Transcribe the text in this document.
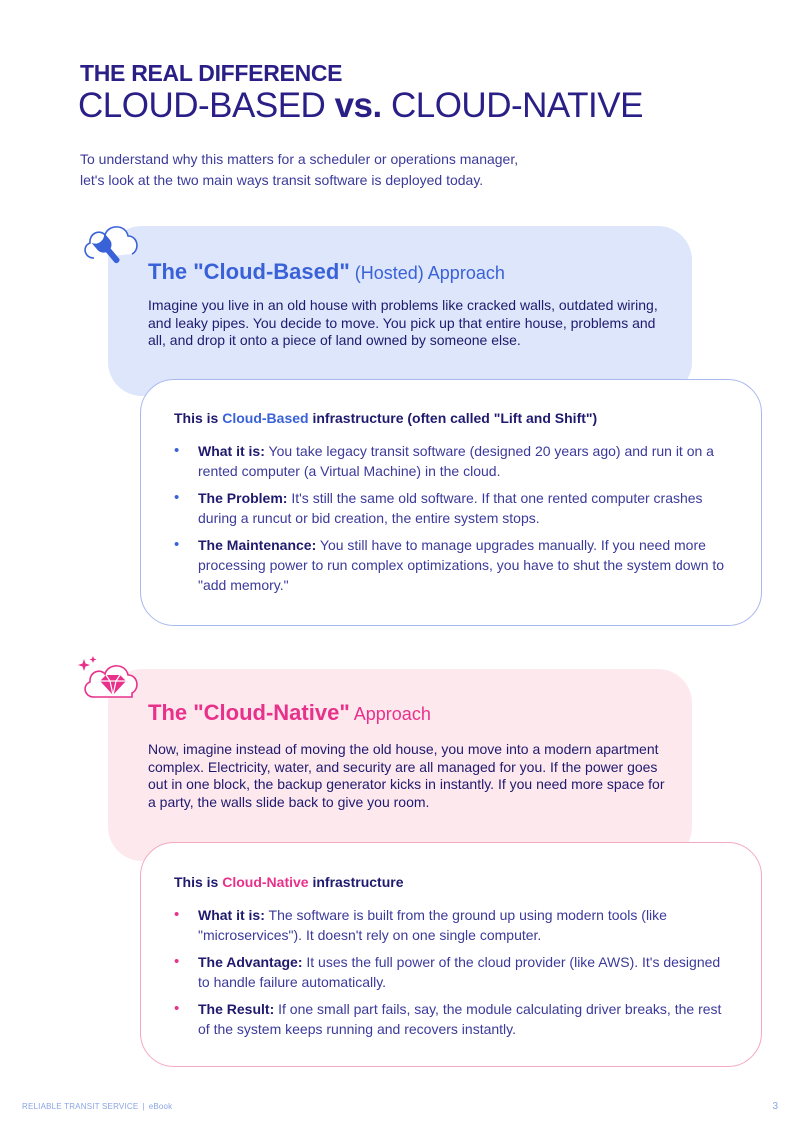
THE REAL DIFFERENCE
CLOUD-BASED vs. CLOUD-NATIVE
To understand why this matters for a scheduler or operations manager,
let's look at the two main ways transit software is deployed today.
The "Cloud-Based" (Hosted) Approach
Imagine you live in an old house with problems like cracked walls, outdated wiring, and leaky pipes. You decide to move. You pick up that entire house, problems and all, and drop it onto a piece of land owned by someone else.
This is Cloud-Based infrastructure (often called "Lift and Shift")
• What it is: You take legacy transit software (designed 20 years ago) and run it on a rented computer (a Virtual Machine) in the cloud.
• The Problem: It's still the same old software. If that one rented computer crashes during a runcut or bid creation, the entire system stops.
• The Maintenance: You still have to manage upgrades manually. If you need more processing power to run complex optimizations, you have to shut the system down to "add memory."
The "Cloud-Native" Approach
Now, imagine instead of moving the old house, you move into a modern apartment complex. Electricity, water, and security are all managed for you. If the power goes out in one block, the backup generator kicks in instantly. If you need more space for a party, the walls slide back to give you room.
This is Cloud-Native infrastructure
• What it is: The software is built from the ground up using modern tools (like "microservices"). It doesn't rely on one single computer.
• The Advantage: It uses the full power of the cloud provider (like AWS). It's designed to handle failure automatically.
• The Result: If one small part fails, say, the module calculating driver breaks, the rest of the system keeps running and recovers instantly.
RELIABLE TRANSIT SERVICE | eBook	3
